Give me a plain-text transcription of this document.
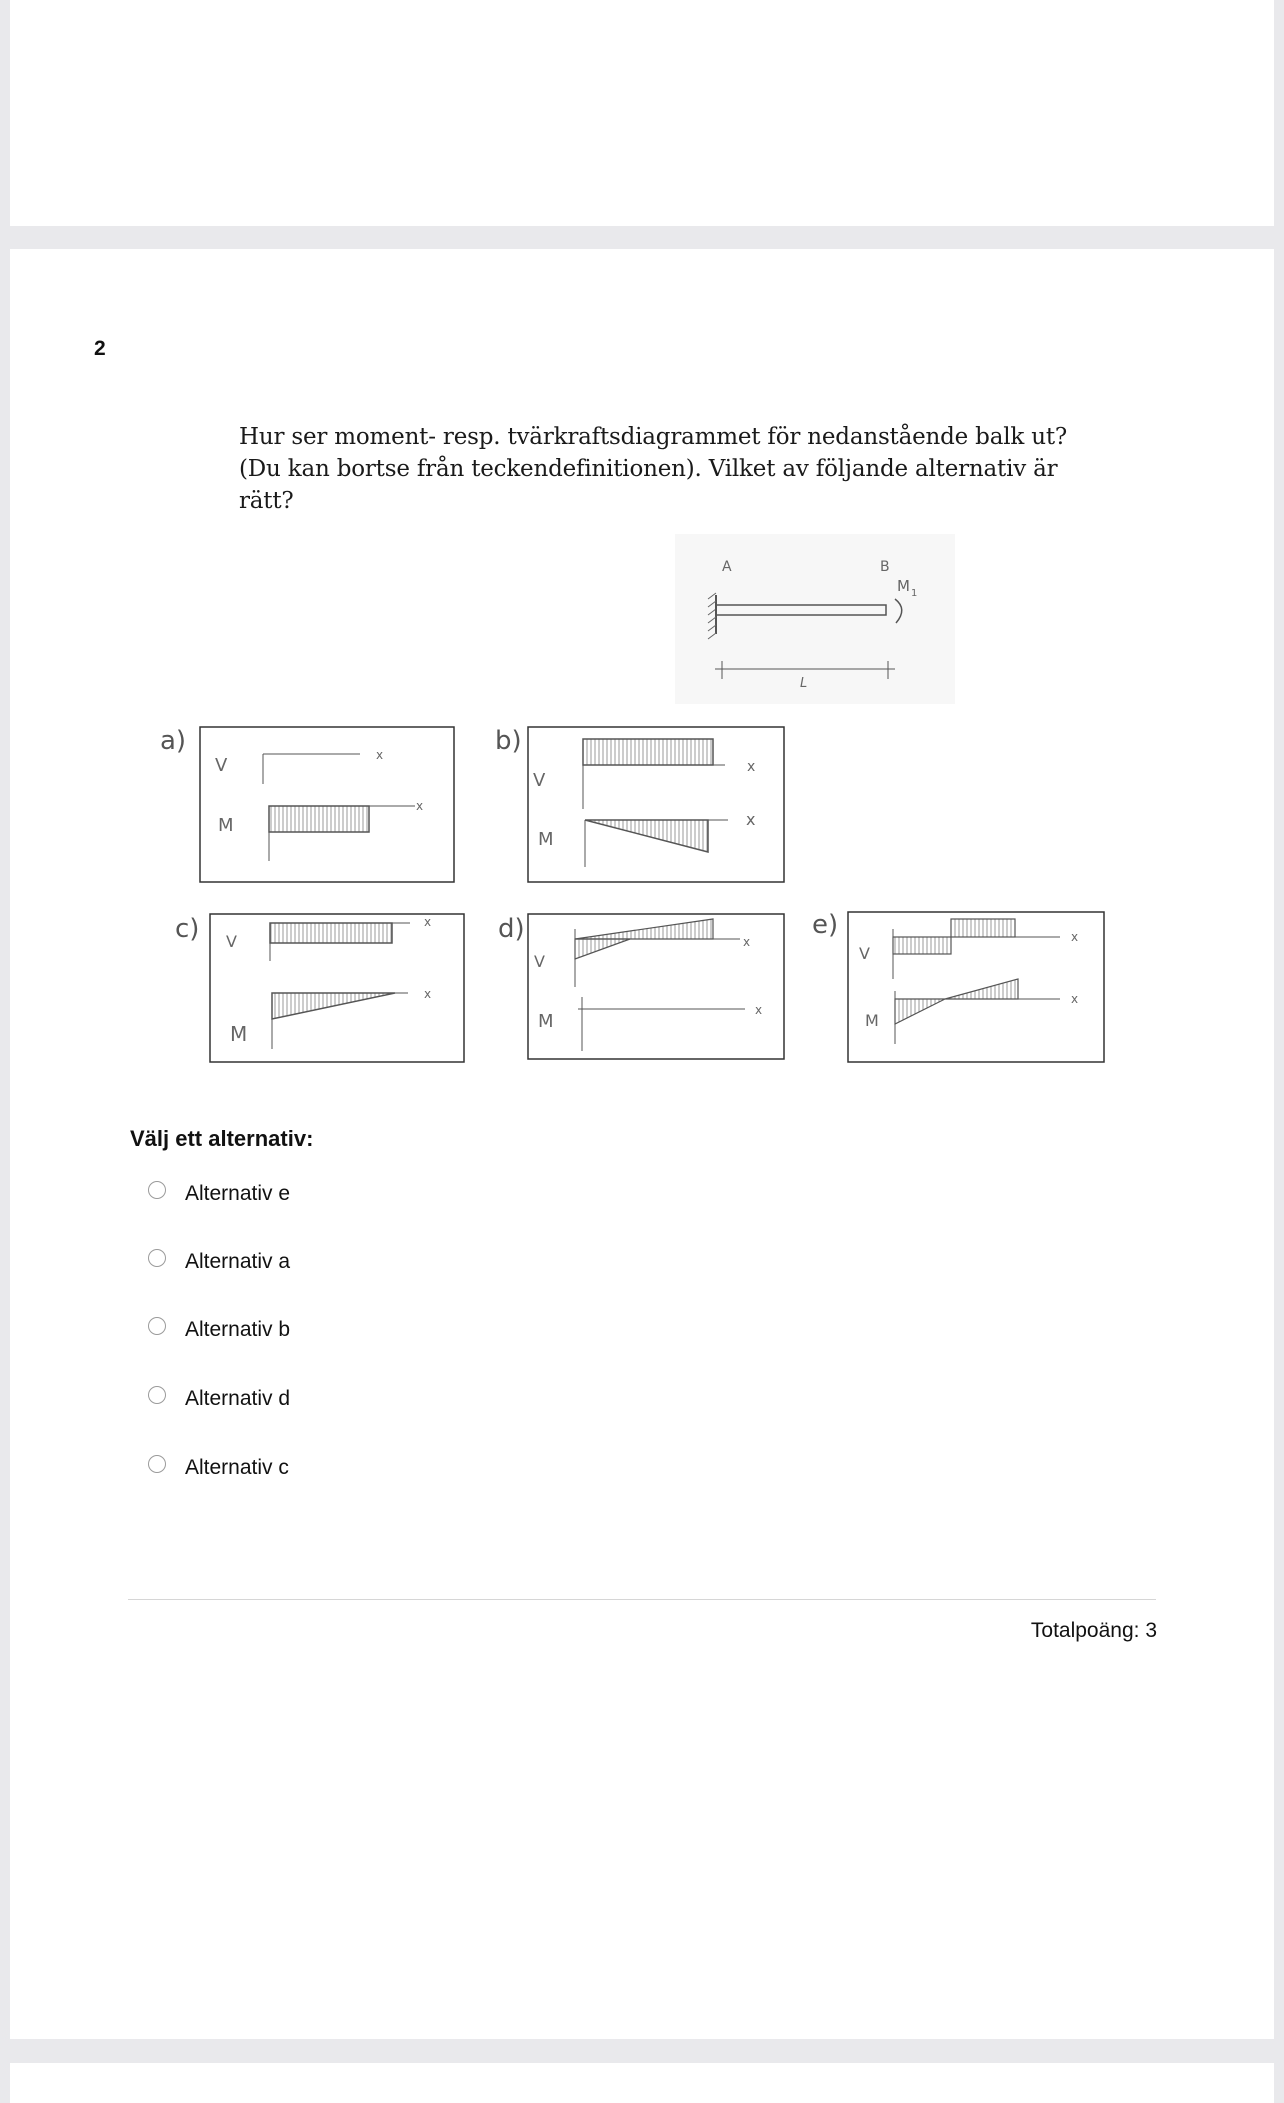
2

Hur ser moment- resp. tvärkraftsdiagrammet för nedanstående balk ut? (Du kan bortse från teckendefinitionen). Vilket av följande alternativ är rätt?

A	B
M 1
L
a)
V	x
M
x
b)
V
x
M
x
c) V
x
M
x
d)
V
x
M
x
e)
V
x
M
x
Välj ett alternativ:
Alternativ e
Alternativ a
Alternativ b
Alternativ d
Alternativ c
Totalpoäng: 3
